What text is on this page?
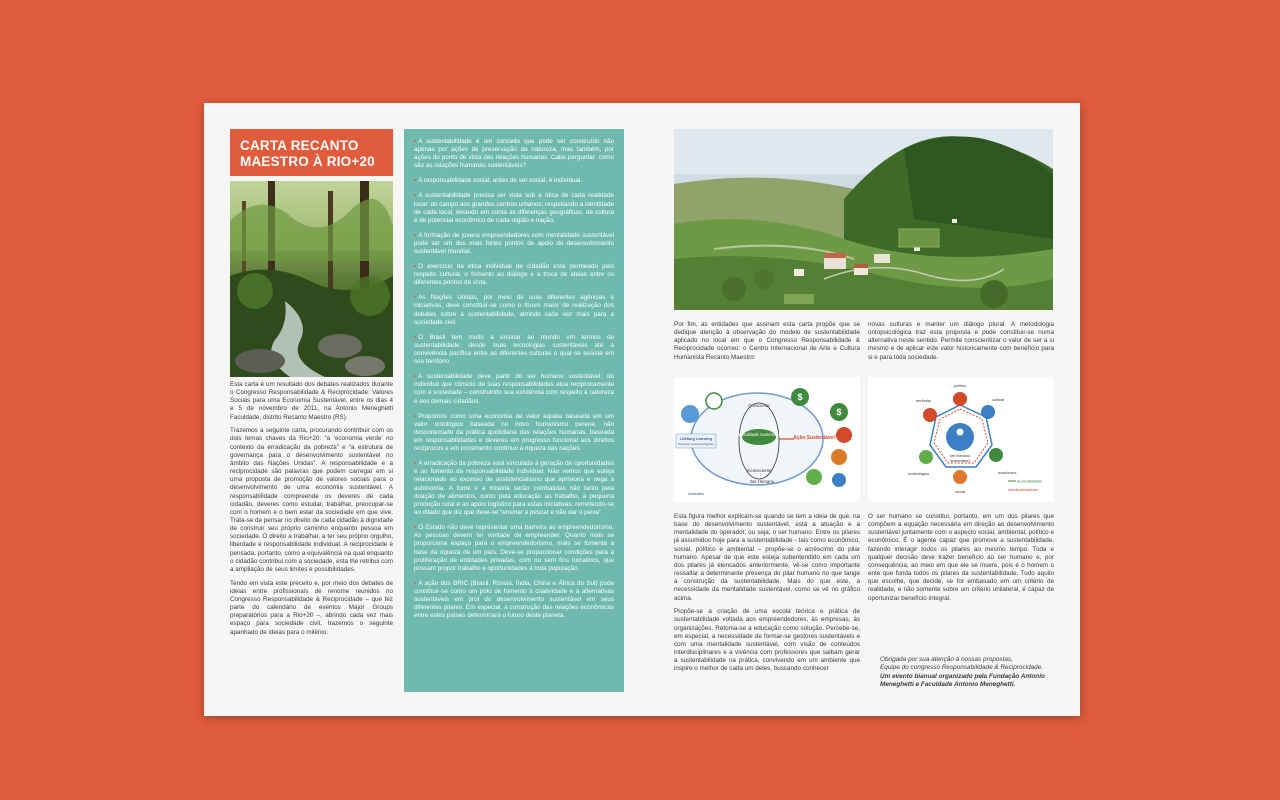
CARTA RECANTO
MAESTRO À RIO+20

Esta carta é um resultado dos debates realizados durante o Congresso Responsabilidade & Reciprocidade: Valores Sociais para uma Economia Sustentável, entre os dias 4 e 5 de novembro de 2011, na Antonio Meneghetti Faculdade, distrito Recanto Maestro (RS).

Trazemos a seguinte carta, procurando contribuir com os dois temas chaves da Rio+20: “a ‘economia verde’ no contexto da erradicação da pobreza” e “a estrutura de governança para o desenvolvimento sustentável no âmbito das Nações Unidas”. A responsabilidade e a reciprocidade são palavras que podem carregar em si uma proposta de promoção de valores sociais para o desenvolvimento de uma economia sustentável. A responsabilidade compreende os deveres de cada cidadão, deveres como estudar, trabalhar, preocupar-se com o homem e o bem estar da sociedade em que vive. Trata-se de pensar no direito de cada cidadão à dignidade de construir seu próprio caminho enquanto pessoa em sociedade. O direito a trabalhar, a ter seu próprio orgulho, liberdade e responsabilidade individual. A reciprocidade é pensada, portanto, como a equivalência na qual enquanto o cidadão contribui com a sociedade, esta lhe retribui com a ampliação de seus limites e possibilidades.

Tendo em vista este preceito e, por meio dos debates de ideias entre profissionais de renome reunidos no Congresso Responsabilidade & Reciprocidade – que fez parte do calendário de eventos Major Groups preparatórios para a Rio+20 –, abrindo cada vez mais espaço para sociedade civil, trazemos o seguinte apanhado de ideias para o milênio:

• A sustentabilidade é um conceito que pode ser construído não apenas por ações de preservação da natureza, mas também, por ações do ponto de vista das relações humanas. Cabe perguntar: como são as relações humanas sustentáveis?

• A responsabilidade social, antes de ser social, é individual.

• A sustentabilidade precisa ser vista sob a ótica de cada realidade local: do campo aos grandes centros urbanos; respeitando a identidade de cada local, levando em conta as diferenças geográficas, de cultura e de potencial econômico de cada região e nação.

• A formação de jovens empreendedores com mentalidade sustentável pode ser um dos mais fortes pontos de apoio do desenvolvimento sustentável mundial.

• O exercício da ética individual de cidadão está permeado pelo respeito cultural, o fomento ao diálogo e a troca de ideias entre os diferentes pontos de vista.

• As Nações Unidas, por meio de suas diferentes agências e iniciativas, deve constituir-se como o fórum maior de realização dos debates sobre a sustentabilidade, abrindo cada vez mais para a sociedade civil.

• O Brasil tem muito a ensinar ao mundo em termos de sustentabilidade: desde suas tecnologias sustentáveis até a convivência pacífica entre as diferentes culturas o qual se assiste em seu território.

• A sustentabilidade deve partir do ser humano sustentável; do indivíduo que cônscio de suas responsabilidades atua reciprocamente com a sociedade – construindo sua existência com respeito à natureza e aos demais cidadãos.

• Propomos como uma economia de valor aquela baseada em um valor ontológico baseada no novo humanismo perene, não desconectado da prática quotidiana das relações humanas, baseada em responsabilidades e deveres em progresso funcional aos direitos recíprocos e em incremento contínuo à riqueza das nações.

• A erradicação da pobreza está vinculada à geração de oportunidades e ao fomento da responsabilidade individual. Não vemos que esteja relacionado ao excesso de assistencialismo que aprisiona e nega a autonomia. A fome e a miséria serão combatidas não tanto pela doação de alimentos, como pela educação ao trabalho, à pequena produção rural e ao apoio logístico para estas iniciativas, remetendo-se ao ditado que diz que deve-se “ensinar a pescar e não dar o peixe”.

• O Estado não deve representar uma barreira ao empreendedorismo. As pessoas devem ter vontade de empreender. Quanto mais se proporciona espaço para o empreendedorismo, mais se fomenta a base da riqueza de um país. Deve-se proporcionar condições para a proliferação de entidades privadas, com ou sem fins lucrativos, que possam propor trabalho e oportunidades a toda população.

• A ação dos BRIC (Brasil, Rússia, Índia, China e África do Sul) pode constituir-se como um polo de fomento à criatividade e à alternativas sustentáveis em prol do desenvolvimento sustentável em seus diferentes pilares. Em especial, a construção das relações econômicas entre estes países determinará o futuro deste planeta.

Por fim, as entidades que assinam esta carta propõe que se dedique atenção à observação do modelo de sustentabilidade aplicado no local em que o Congresso Responsabilidade & Reciprocidade ocorreu: o Centro Internacional de Arte e Cultura Humanista Recanto Maestro:
novas culturas e manter um diálogo plural. A metodologia ontopsicológica traz esta proposta e pode constituir-se numa alternativa neste sentido. Permite conscientizar o valor de ser a si mesmo e de aplicar este valor historicamente com benefício para si e para toda sociedade.
Mentalidade Sustentável
Consciente
Inconsciente
Ação Sustentável
Ser Humano
Lifelong Learning
Pessoas Ontopsicológicas
Autoestima
$
$
ser humano
sustentável
político
cultural
econômico
social
ecobiológico
territorial
Sustentabilidade
interdisciplinaridade

Esta figura melhor explicam-se quando se tem a ideia de que, na base do desenvolvimento sustentável, está a atuação e a mentalidade do operador, ou seja, o ser humano. Entre os pilares já assumidos hoje para a sustentabilidade - tais como econômico, social, político e ambiental – propõe-se o acréscimo do pilar humano. Apesar de que este esteja subentendido em cada um dos pilares já elencados anteriormente, vê-se como importante ressaltar a determinante presença do pilar humano no que tange a construção da sustentabilidade. Mais do que este, a necessidade da mentalidade sustentável, como se vê no gráfico acima.

Propõe-se a criação de uma escola teórica e prática de sustentabilidade voltada aos empreendedores, às empresas, às organizações. Retoma-se a educação como solução. Percebe-se, em especial, a necessidade de formar-se gestores sustentáveis e com uma mentalidade sustentável, com visão de conteúdos interdisciplinares e a vivência com professores que saibam gerar a sustentabilidade na prática, convivendo em um ambiente que inspire o melhor de cada um deles, buscando conhecer

O ser humano se constitui, portanto, em um dos pilares que compõem a equação necessária em direção ao desenvolvimento sustentável juntamente com o aspecto social, ambiental, político e econômico. É o agente capaz que promove a sustentabilidade, fazendo interagir todos os pilares ao mesmo tempo. Toda e qualquer decisão deve trazer benefício ao ser humano e, por consequência, ao meio em que ele se insere, pois é o homem o ente que funda todos os pilares da sustentabilidade. Tudo aquilo que escolhe, que decide, se for embasado em um critério de realidade, e não somente sobre um critério unilateral, é capaz de oportunizar benefício integral.
Obrigada por sua atenção a nossas propostas,
Equipe do congresso Responsabilidade & Reciprocidade.
Um evento bianual organizado pela Fundação Antonio Meneghetti e Faculdade Antonio Meneghetti.
